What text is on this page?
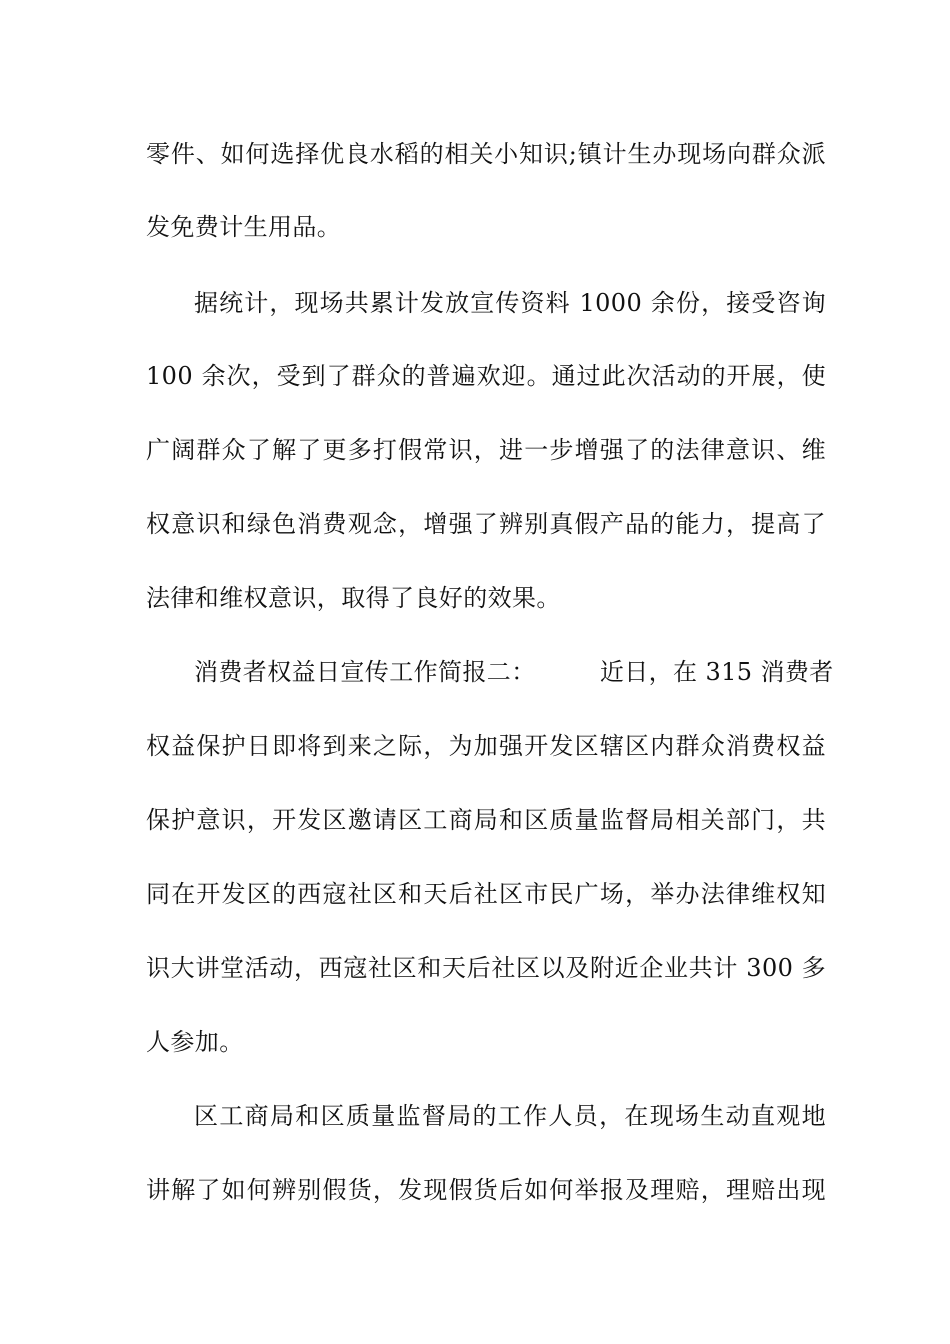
零件、如何选择优良水稻的相关小知识;镇计生办现场向群众派
发免费计生用品。
据统计，现场共累计发放宣传资料 1000 余份，接受咨询
100 余次，受到了群众的普遍欢迎。通过此次活动的开展，使
广阔群众了解了更多打假常识，进一步增强了的法律意识、维
权意识和绿色消费观念，增强了辨别真假产品的能力，提高了
法律和维权意识，取得了良好的效果。
消费者权益日宣传工作简报二：        近日，在 315 消费者
权益保护日即将到来之际，为加强开发区辖区内群众消费权益
保护意识，开发区邀请区工商局和区质量监督局相关部门，共
同在开发区的西寇社区和天后社区市民广场，举办法律维权知
识大讲堂活动，西寇社区和天后社区以及附近企业共计 300 多
人参加。
区工商局和区质量监督局的工作人员，在现场生动直观地
讲解了如何辨别假货，发现假货后如何举报及理赔，理赔出现
